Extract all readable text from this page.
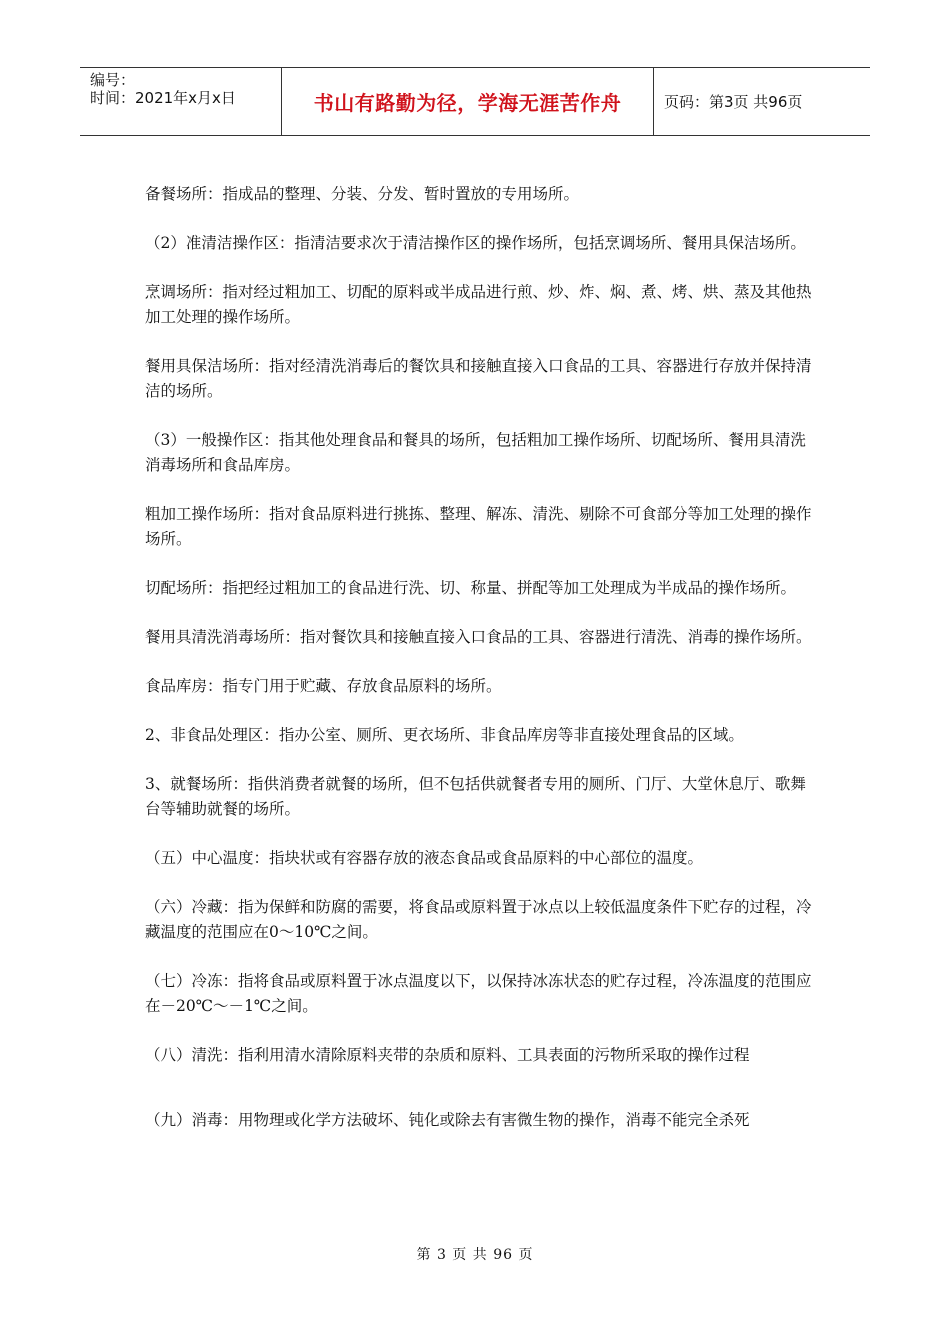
编号：
时间：2021年x月x日	书山有路勤为径，学海无涯苦作舟	页码：第3页 共96页

备餐场所：指成品的整理、分装、分发、暂时置放的专用场所。

（2）准清洁操作区：指清洁要求次于清洁操作区的操作场所，包括烹调场所、餐用具保洁场所。

烹调场所：指对经过粗加工、切配的原料或半成品进行煎、炒、炸、焖、煮、烤、烘、蒸及其他热加工处理的操作场所。

餐用具保洁场所：指对经清洗消毒后的餐饮具和接触直接入口食品的工具、容器进行存放并保持清洁的场所。

（3）一般操作区：指其他处理食品和餐具的场所，包括粗加工操作场所、切配场所、餐用具清洗消毒场所和食品库房。

粗加工操作场所：指对食品原料进行挑拣、整理、解冻、清洗、剔除不可食部分等加工处理的操作场所。

切配场所：指把经过粗加工的食品进行洗、切、称量、拼配等加工处理成为半成品的操作场所。

餐用具清洗消毒场所：指对餐饮具和接触直接入口食品的工具、容器进行清洗、消毒的操作场所。

食品库房：指专门用于贮藏、存放食品原料的场所。

2、非食品处理区：指办公室、厕所、更衣场所、非食品库房等非直接处理食品的区域。

3、就餐场所：指供消费者就餐的场所，但不包括供就餐者专用的厕所、门厅、大堂休息厅、歌舞台等辅助就餐的场所。

（五）中心温度：指块状或有容器存放的液态食品或食品原料的中心部位的温度。

（六）冷藏：指为保鲜和防腐的需要，将食品或原料置于冰点以上较低温度条件下贮存的过程，冷藏温度的范围应在0～10℃之间。

（七）冷冻：指将食品或原料置于冰点温度以下，以保持冰冻状态的贮存过程，冷冻温度的范围应在－20℃～－1℃之间。

（八）清洗：指利用清水清除原料夹带的杂质和原料、工具表面的污物所采取的操作过程

（九）消毒：用物理或化学方法破坏、钝化或除去有害微生物的操作，消毒不能完全杀死

第 3 页 共 96 页
